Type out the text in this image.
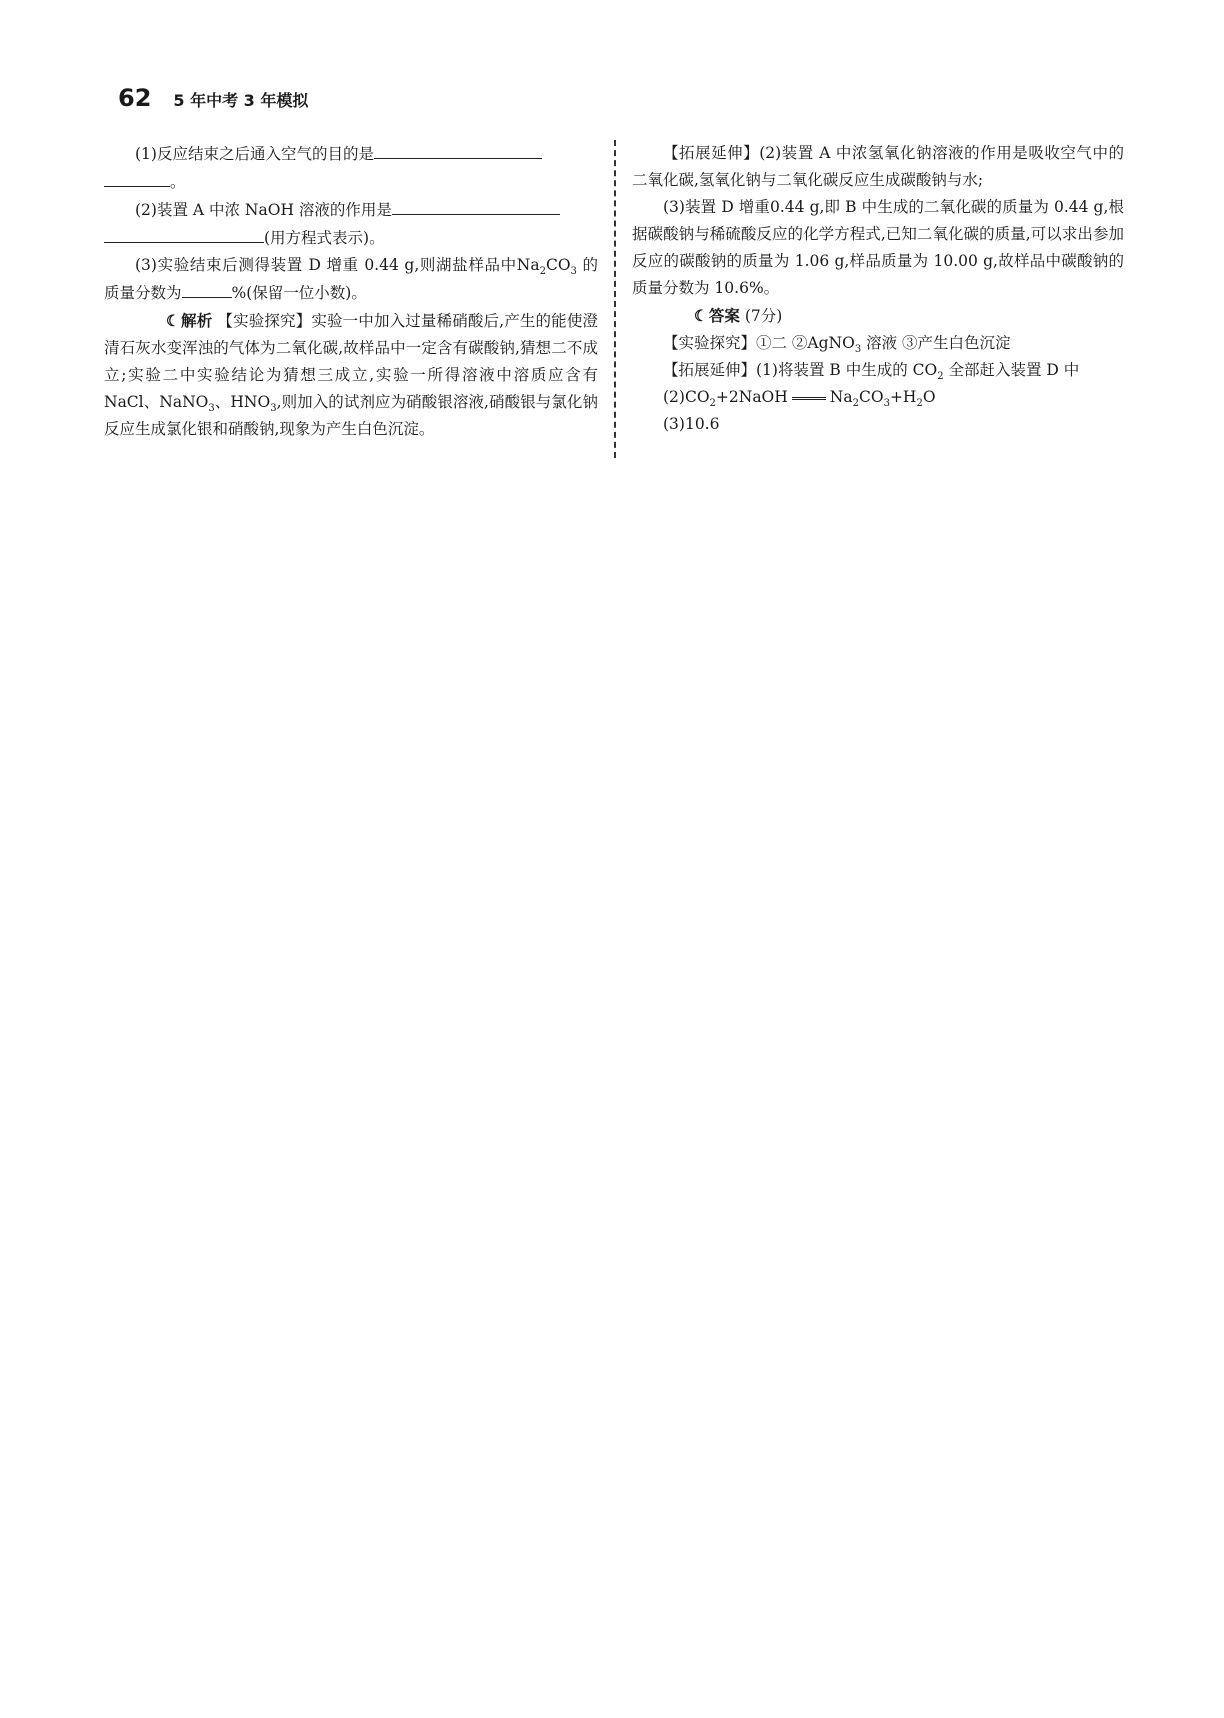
62 5 年中考 3 年模拟

(1)反应结束之后通入空气的目的是

。

(2)装置 A 中浓 NaOH 溶液的作用是

(用方程式表示)。

(3)实验结束后测得装置 D 增重 0.44 g,则湖盐样品中$Na_2CO_3$ 的质量分数为	%(保留一位小数)。

☾解析 【实验探究】实验一中加入过量稀硝酸后,产生的能使澄清石灰水变浑浊的气体为二氧化碳,故样品中一定含有碳酸钠,猜想二不成立;实验二中实验结论为猜想三成立,实验一所得溶液中溶质应含有 NaCl、NaNO$_3$、$HNO_3$,则加入的试剂应为硝酸银溶液,硝酸银与氯化钠反应生成氯化银和硝酸钠,现象为产生白色沉淀。

【拓展延伸】(2)装置 A 中浓氢氧化钠溶液的作用是吸收空气中的二氧化碳,氢氧化钠与二氧化碳反应生成碳酸钠与水;

(3)装置 D 增重0.44 g,即 B 中生成的二氧化碳的质量为 0.44 g,根据碳酸钠与稀硫酸反应的化学方程式,已知二氧化碳的质量,可以求出参加反应的碳酸钠的质量为 1.06 g,样品质量为 10.00 g,故样品中碳酸钠的质量分数为 10.6%。

☾答案 (7分)

【实验探究】①二 ②AgNO$_3$ 溶液 ③产生白色沉淀

【拓展延伸】(1)将装置 B 中生成的 $CO_2$ 全部赶入装置 D 中

$(2)CO_2+2NaOH$	$Na_2CO_3+H_2O$

(3)10.6
